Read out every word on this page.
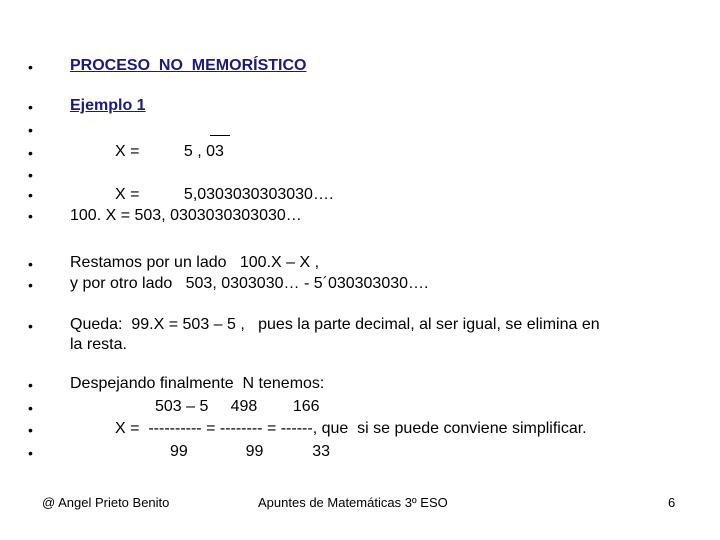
•
•
•
•
•
•
•
•
•
•
•
•
•
•
PROCESO  NO  MEMORÍSTICO
Ejemplo 1
X =          5 , 03
X =          5,0303030303030….
100. X = 503, 0303030303030…
Restamos por un lado   100.X – X ,
y por otro lado   503, 0303030… - 5´030303030….
Queda:  99.X = 503 – 5 ,   pues la parte decimal, al ser igual, se elimina en
la resta.
Despejando finalmente  N tenemos:
503 – 5     498        166
X =  ---------- = -------- = ------, que  si se puede conviene simplificar.
99             99           33
@ Angel Prieto Benito	Apuntes de Matemáticas 3º ESO	6
